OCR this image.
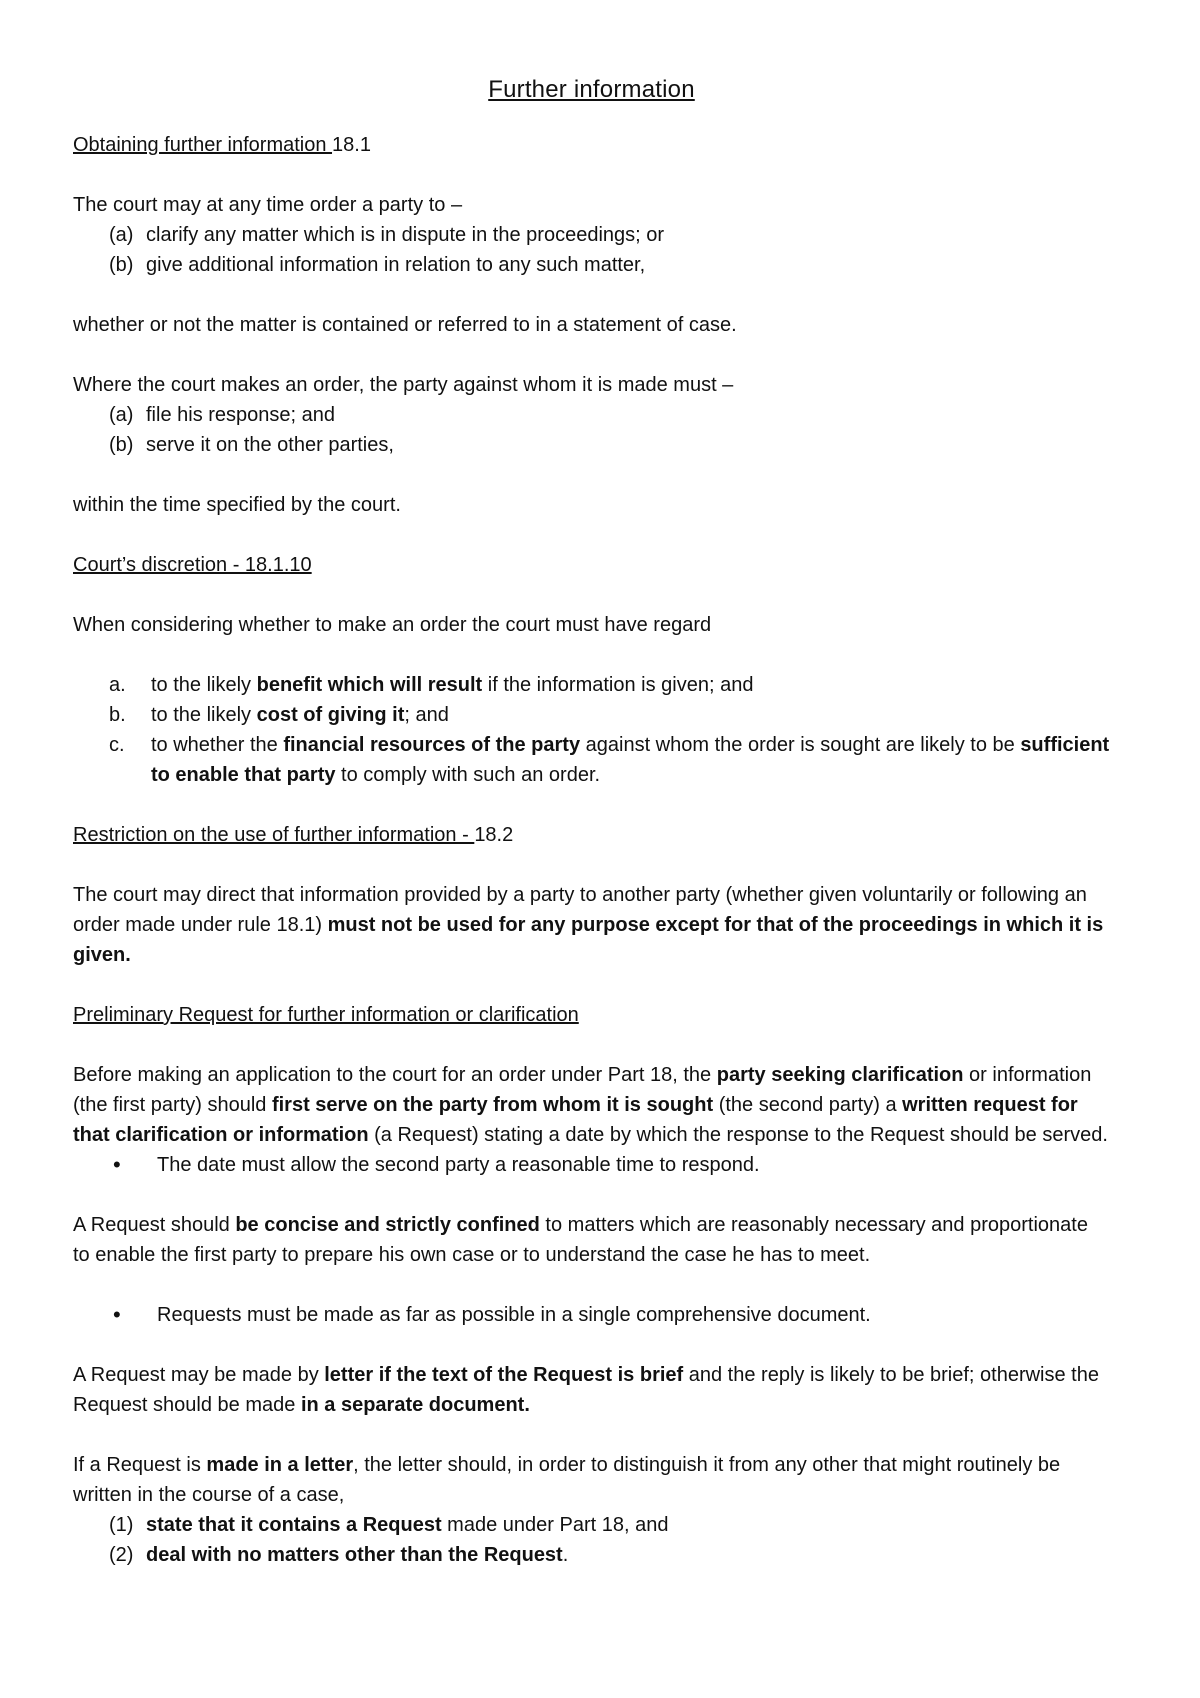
Further information

Obtaining further information 18.1

The court may at any time order a party to –

(a) clarify any matter which is in dispute in the proceedings; or
(b) give additional information in relation to any such matter,

whether or not the matter is contained or referred to in a statement of case.

Where the court makes an order, the party against whom it is made must –

(a) file his response; and
(b) serve it on the other parties,

within the time specified by the court.

Court’s discretion - 18.1.10

When considering whether to make an order the court must have regard

a.	to the likely benefit which will result if the information is given; and
b.	to the likely cost of giving it; and
c.	to whether the financial resources of the party against whom the order is sought are likely to be sufficient to enable that party to comply with such an order.

Restriction on the use of further information - 18.2

The court may direct that information provided by a party to another party (whether given voluntarily or following an order made under rule 18.1) must not be used for any purpose except for that of the proceedings in which it is given.

Preliminary Request for further information or clarification

Before making an application to the court for an order under Part 18, the party seeking clarification or information (the first party) should first serve on the party from whom it is sought (the second party) a written request for that clarification or information (a Request) stating a date by which the response to the Request should be served.

•	The date must allow the second party a reasonable time to respond.

A Request should be concise and strictly confined to matters which are reasonably necessary and proportionate to enable the first party to prepare his own case or to understand the case he has to meet.

•	Requests must be made as far as possible in a single comprehensive document.

A Request may be made by letter if the text of the Request is brief and the reply is likely to be brief; otherwise the Request should be made in a separate document.

If a Request is made in a letter, the letter should, in order to distinguish it from any other that might routinely be written in the course of a case,

(1) state that it contains a Request made under Part 18, and
(2) deal with no matters other than the Request.
